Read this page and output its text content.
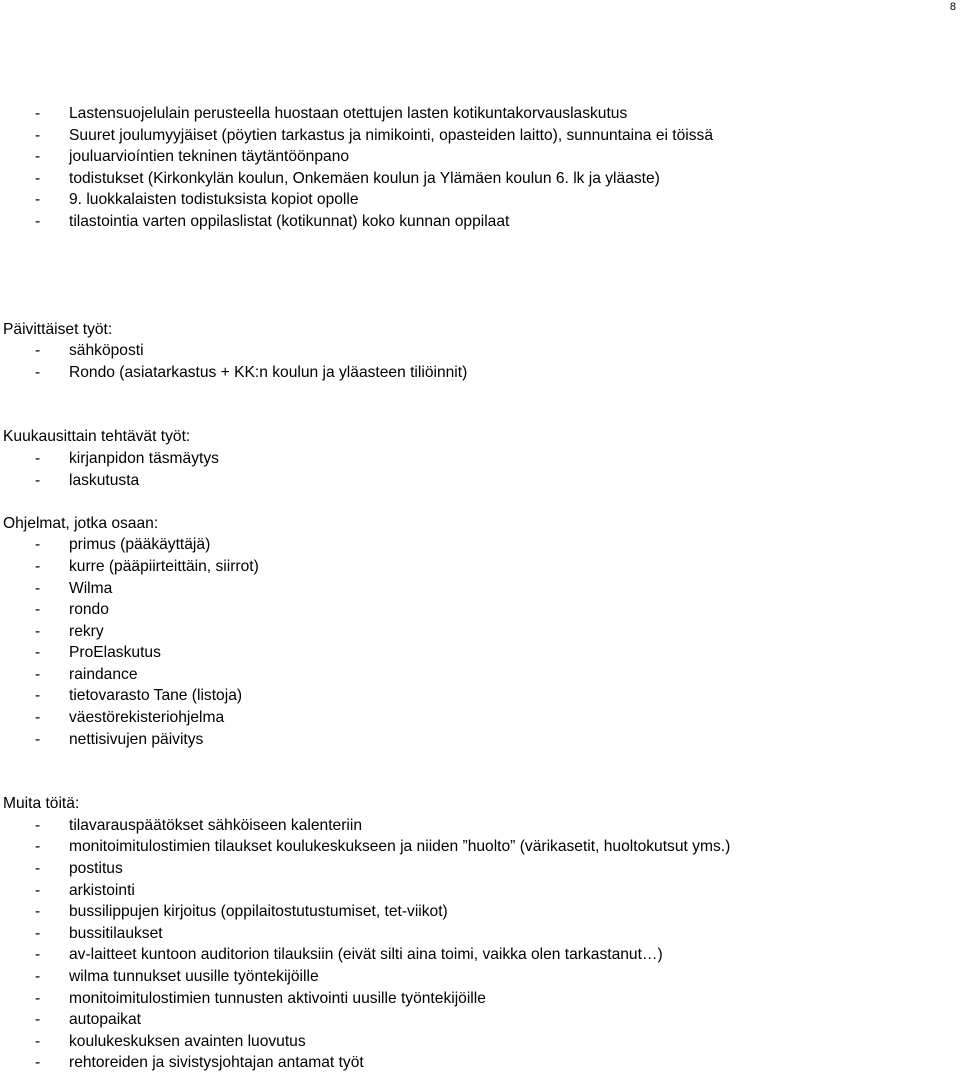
8
- Lastensuojelulain perusteella huostaan otettujen lasten kotikuntakorvauslaskutus
- Suuret joulumyyjäiset (pöytien tarkastus ja nimikointi, opasteiden laitto), sunnuntaina ei töissä
- jouluarvioíntien tekninen täytäntöönpano
- todistukset (Kirkonkylän koulun, Onkemäen koulun ja Ylämäen koulun 6. lk ja yläaste)
- 9. luokkalaisten todistuksista kopiot opolle
- tilastointia varten oppilaslistat (kotikunnat) koko kunnan oppilaat
Päivittäiset työt:
- sähköposti
- Rondo (asiatarkastus + KK:n koulun ja yläasteen tiliöinnit)
Kuukausittain tehtävät työt:
- kirjanpidon täsmäytys
- laskutusta
Ohjelmat, jotka osaan:
- primus (pääkäyttäjä)
- kurre (pääpiirteittäin, siirrot)
- Wilma
- rondo
- rekry
- ProElaskutus
- raindance
- tietovarasto Tane (listoja)
- väestörekisteriohjelma
- nettisivujen päivitys
Muita töitä:
- tilavarauspäätökset sähköiseen kalenteriin
- monitoimitulostimien tilaukset koulukeskukseen ja niiden ”huolto” (värikasetit, huoltokutsut yms.)
- postitus
- arkistointi
- bussilippujen kirjoitus (oppilaitostutustumiset, tet-viikot)
- bussitilaukset
- av-laitteet kuntoon auditorion tilauksiin (eivät silti aina toimi, vaikka olen tarkastanut…)
- wilma tunnukset uusille työntekijöille
- monitoimitulostimien tunnusten aktivointi uusille työntekijöille
- autopaikat
- koulukeskuksen avainten luovutus
- rehtoreiden ja sivistysjohtajan antamat työt
